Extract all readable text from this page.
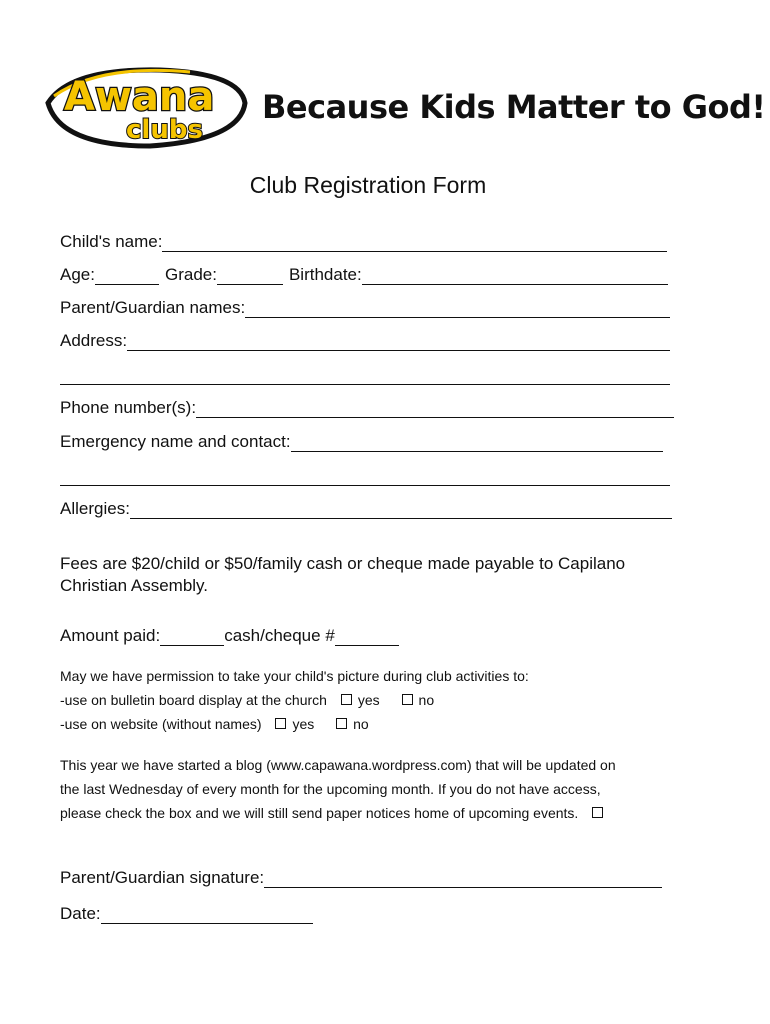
Awana
clubs
Because Kids Matter to God!
Club Registration Form
Child's name:
Age:	Grade:	Birthdate:
Parent/Guardian names:
Address:
Phone number(s):
Emergency name and contact:
Allergies:
Fees are $20/child or $50/family cash or cheque made payable to Capilano
Christian Assembly.
Amount paid:	cash/cheque #
May we have permission to take your child's picture during club activities to:
-use on bulletin board display at the church yes	no
-use on website (without names) yes	no
This year we have started a blog (www.capawana.wordpress.com) that will be updated on
the last Wednesday of every month for the upcoming month. If you do not have access,
please check the box and we will still send paper notices home of upcoming events.
Parent/Guardian signature:
Date:
